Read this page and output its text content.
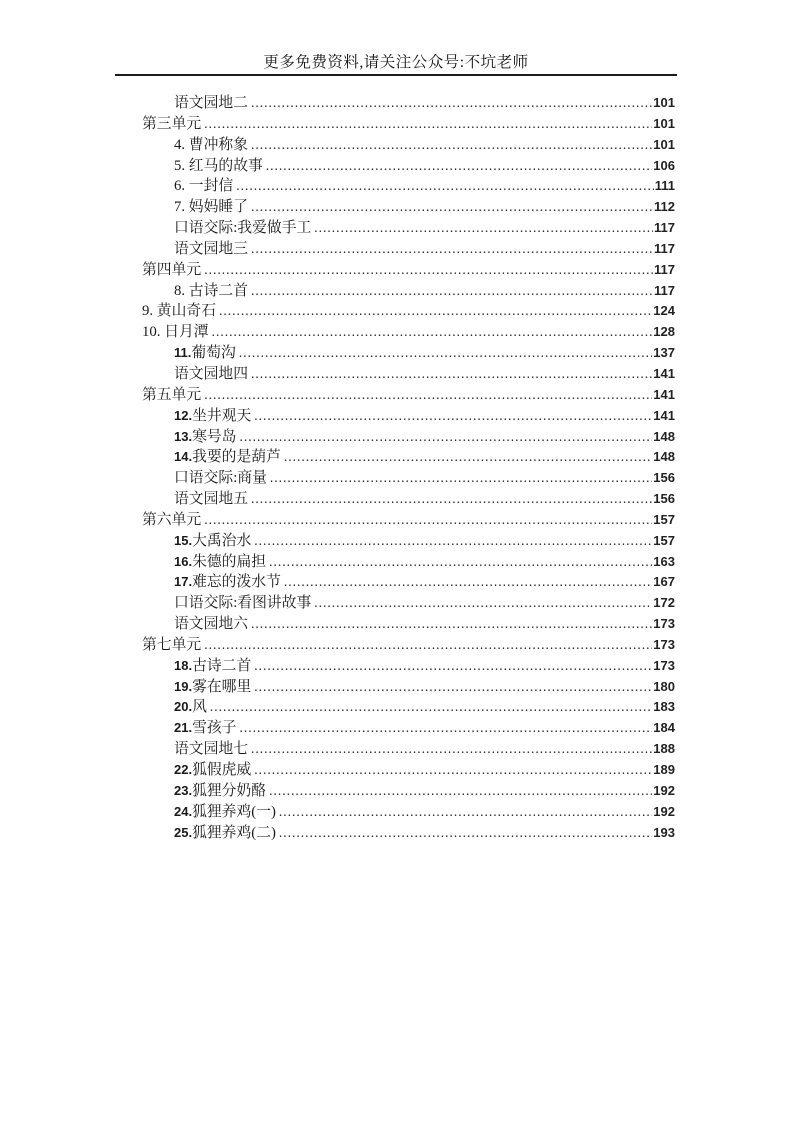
更多免费资料,请关注公众号:不坑老师
语文园地二 .....	101
第三单元 .....	101
4. 曹冲称象 .....	101
5. 红马的故事 .....	106
6. 一封信 .....	111
7. 妈妈睡了 .....	112
口语交际:我爱做手工 .....	117
语文园地三 .....	117
第四单元 .....	117
8. 古诗二首 .....	117
9. 黄山奇石 .....	124
10. 日月潭 .....	128
11.葡萄沟 .....	137
语文园地四 .....	141
第五单元 .....	141
12.坐井观天 .....	141
13.寒号岛 .....	148
14.我要的是葫芦 .....	148
口语交际:商量 .....	156
语文园地五 .....	156
第六单元 .....	157
15.大禹治水 .....	157
16.朱德的扁担 .....	163
17.难忘的泼水节 .....	167
口语交际:看图讲故事 .....	172
语文园地六 .....	173
第七单元 .....	173
18.古诗二首 .....	173
19.雾在哪里 .....	180
20.风 .....	183
21.雪孩子 .....	184
语文园地七 .....	188
22.狐假虎威 .....	189
23.狐狸分奶酪 .....	192
24.狐狸养鸡(一) .....	192
25.狐狸养鸡(二) .....	193
